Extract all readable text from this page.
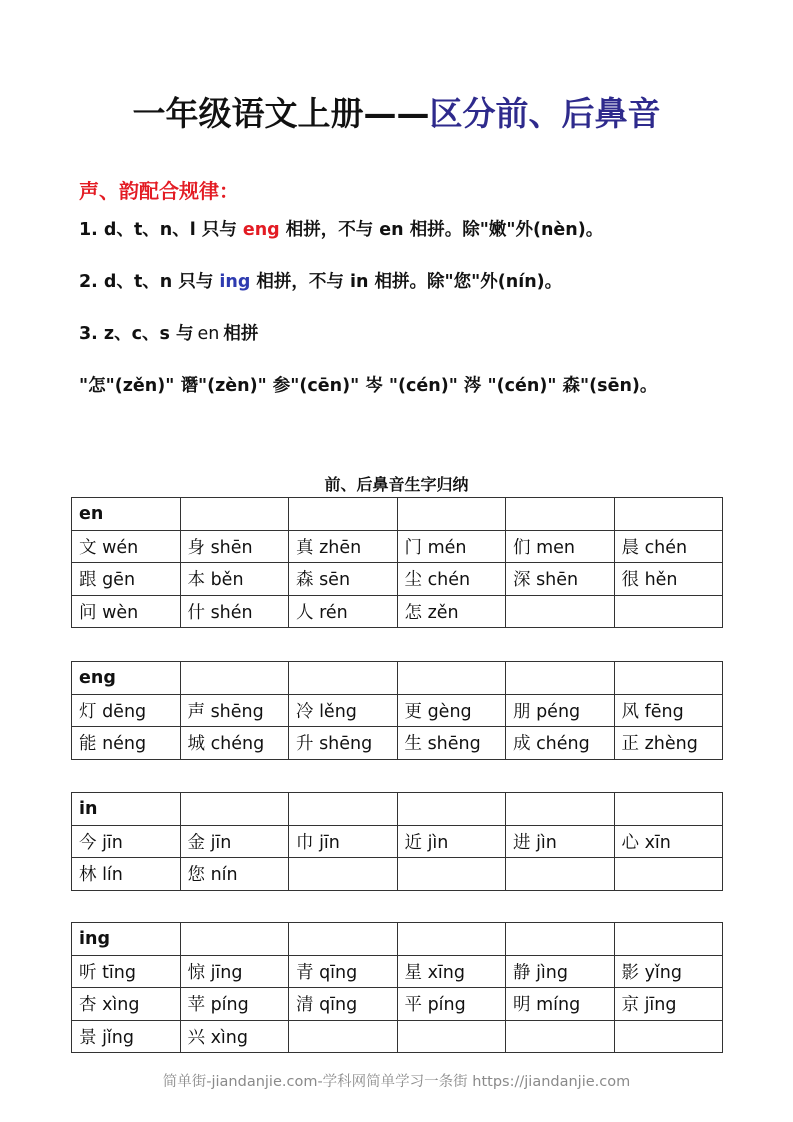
一年级语文上册——区分前、后鼻音
声、韵配合规律：
1. d、t、n、l 只与 eng 相拼，不与 en 相拼。除"嫩"外(nèn)。
2. d、t、n 只与 ing 相拼，不与 in 相拼。除"您"外(nín)。
3. z、c、s 与 en 相拼
"怎"(zěn)" 谮"(zèn)" 参"(cēn)" 岑 "(cén)" 涔 "(cén)" 森"(sēn)。
前、后鼻音生字归纳
en					
文 wén	身 shēn	真 zhēn	门 mén	们 men	晨 chén
跟 gēn	本 běn	森 sēn	尘 chén	深 shēn	很 hěn
问 wèn	什 shén	人 rén	怎 zěn		
eng					
灯 dēng	声 shēng	冷 lěng	更 gèng	朋 péng	风 fēng
能 néng	城 chéng	升 shēng	生 shēng	成 chéng	正 zhèng
in					
今 jīn	金 jīn	巾 jīn	近 jìn	进 jìn	心 xīn
林 lín	您 nín				
ing					
听 tīng	惊 jīng	青 qīng	星 xīng	静 jìng	影 yǐng
杏 xìng	苹 píng	清 qīng	平 píng	明 míng	京 jīng
景 jǐng	兴 xìng				
简单街-jiandanjie.com-学科网简单学习一条街 https://jiandanjie.com
